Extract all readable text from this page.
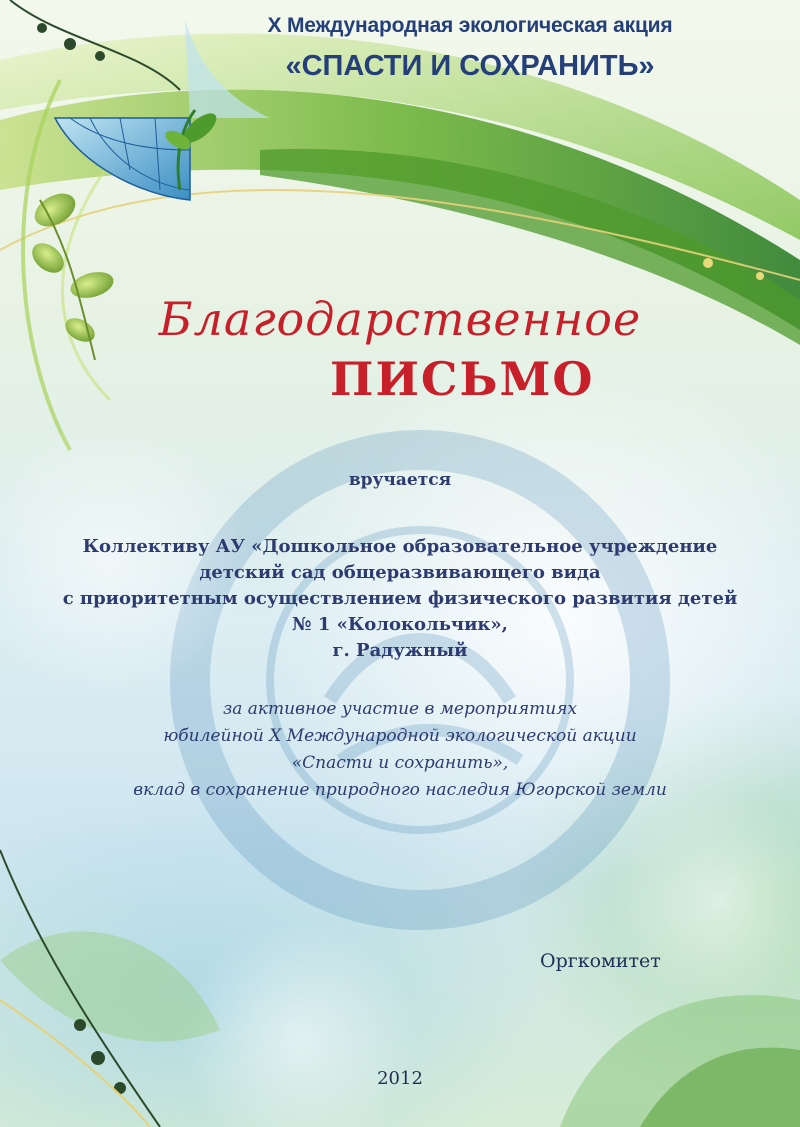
X Международная экологическая акция
«СПАСТИ И СОХРАНИТЬ»
Благодарственное
ПИСЬМО
вручается
Коллективу АУ «Дошкольное образовательное учреждение
детский сад общеразвивающего вида
с приоритетным осуществлением физического развития детей
№ 1 «Колокольчик»,
г. Радужный
за активное участие в мероприятиях
юбилейной X Международной экологической акции
«Спасти и сохранить»,
вклад в сохранение природного наследия Югорской земли
Оргкомитет
2012
